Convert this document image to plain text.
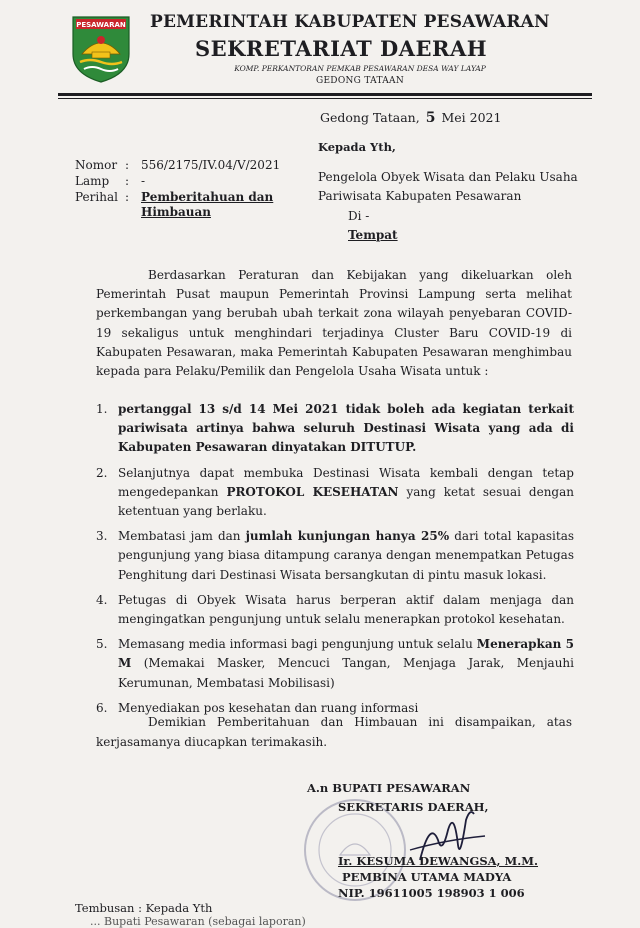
PESAWARAN PEMERINTAH KABUPATEN PESAWARAN
SEKRETARIAT DAERAH
KOMP. PERKANTORAN PEMKAB PESAWARAN DESA WAY LAYAP
GEDONG TATAAN
Gedong Tataan, 5 Mei 2021
Kepada Yth,
Pengelola Obyek Wisata dan Pelaku Usaha
Pariwisata Kabupaten Pesawaran
Di -
Tempat
Nomor : 556/2175/IV.04/V/2021
Lamp : -
Perihal : Pemberitahuan dan
Himbauan
Berdasarkan Peraturan dan Kebijakan yang dikeluarkan oleh Pemerintah Pusat maupun Pemerintah Provinsi Lampung serta melihat perkembangan yang berubah ubah terkait zona wilayah penyebaran COVID-19 sekaligus untuk menghindari terjadinya Cluster Baru COVID-19 di Kabupaten Pesawaran, maka Pemerintah Kabupaten Pesawaran menghimbau kepada para Pelaku/Pemilik dan Pengelola Usaha Wisata untuk :
1. pertanggal 13 s/d 14 Mei 2021 tidak boleh ada kegiatan terkait pariwisata artinya bahwa seluruh Destinasi Wisata yang ada di Kabupaten Pesawaran dinyatakan DITUTUP.
2. Selanjutnya dapat membuka Destinasi Wisata kembali dengan tetap mengedepankan PROTOKOL KESEHATAN yang ketat sesuai dengan ketentuan yang berlaku.
3. Membatasi jam dan jumlah kunjungan hanya 25% dari total kapasitas pengunjung yang biasa ditampung caranya dengan menempatkan Petugas Penghitung dari Destinasi Wisata bersangkutan di pintu masuk lokasi.
4. Petugas di Obyek Wisata harus berperan aktif dalam menjaga dan mengingatkan pengunjung untuk selalu menerapkan protokol kesehatan.
5. Memasang media informasi bagi pengunjung untuk selalu Menerapkan 5 M (Memakai Masker, Mencuci Tangan, Menjaga Jarak, Menjauhi Kerumunan, Membatasi Mobilisasi)
6. Menyediakan pos kesehatan dan ruang informasi
Demikian Pemberitahuan dan Himbauan ini disampaikan, atas kerjasamanya diucapkan terimakasih.
A.n BUPATI PESAWARAN
SEKRETARIS DAERAH,
Ir. KESUMA DEWANGSA, M.M.
PEMBINA UTAMA MADYA
NIP. 19611005 198903 1 006
Tembusan : Kepada Yth
... Bupati Pesawaran (sebagai laporan)
